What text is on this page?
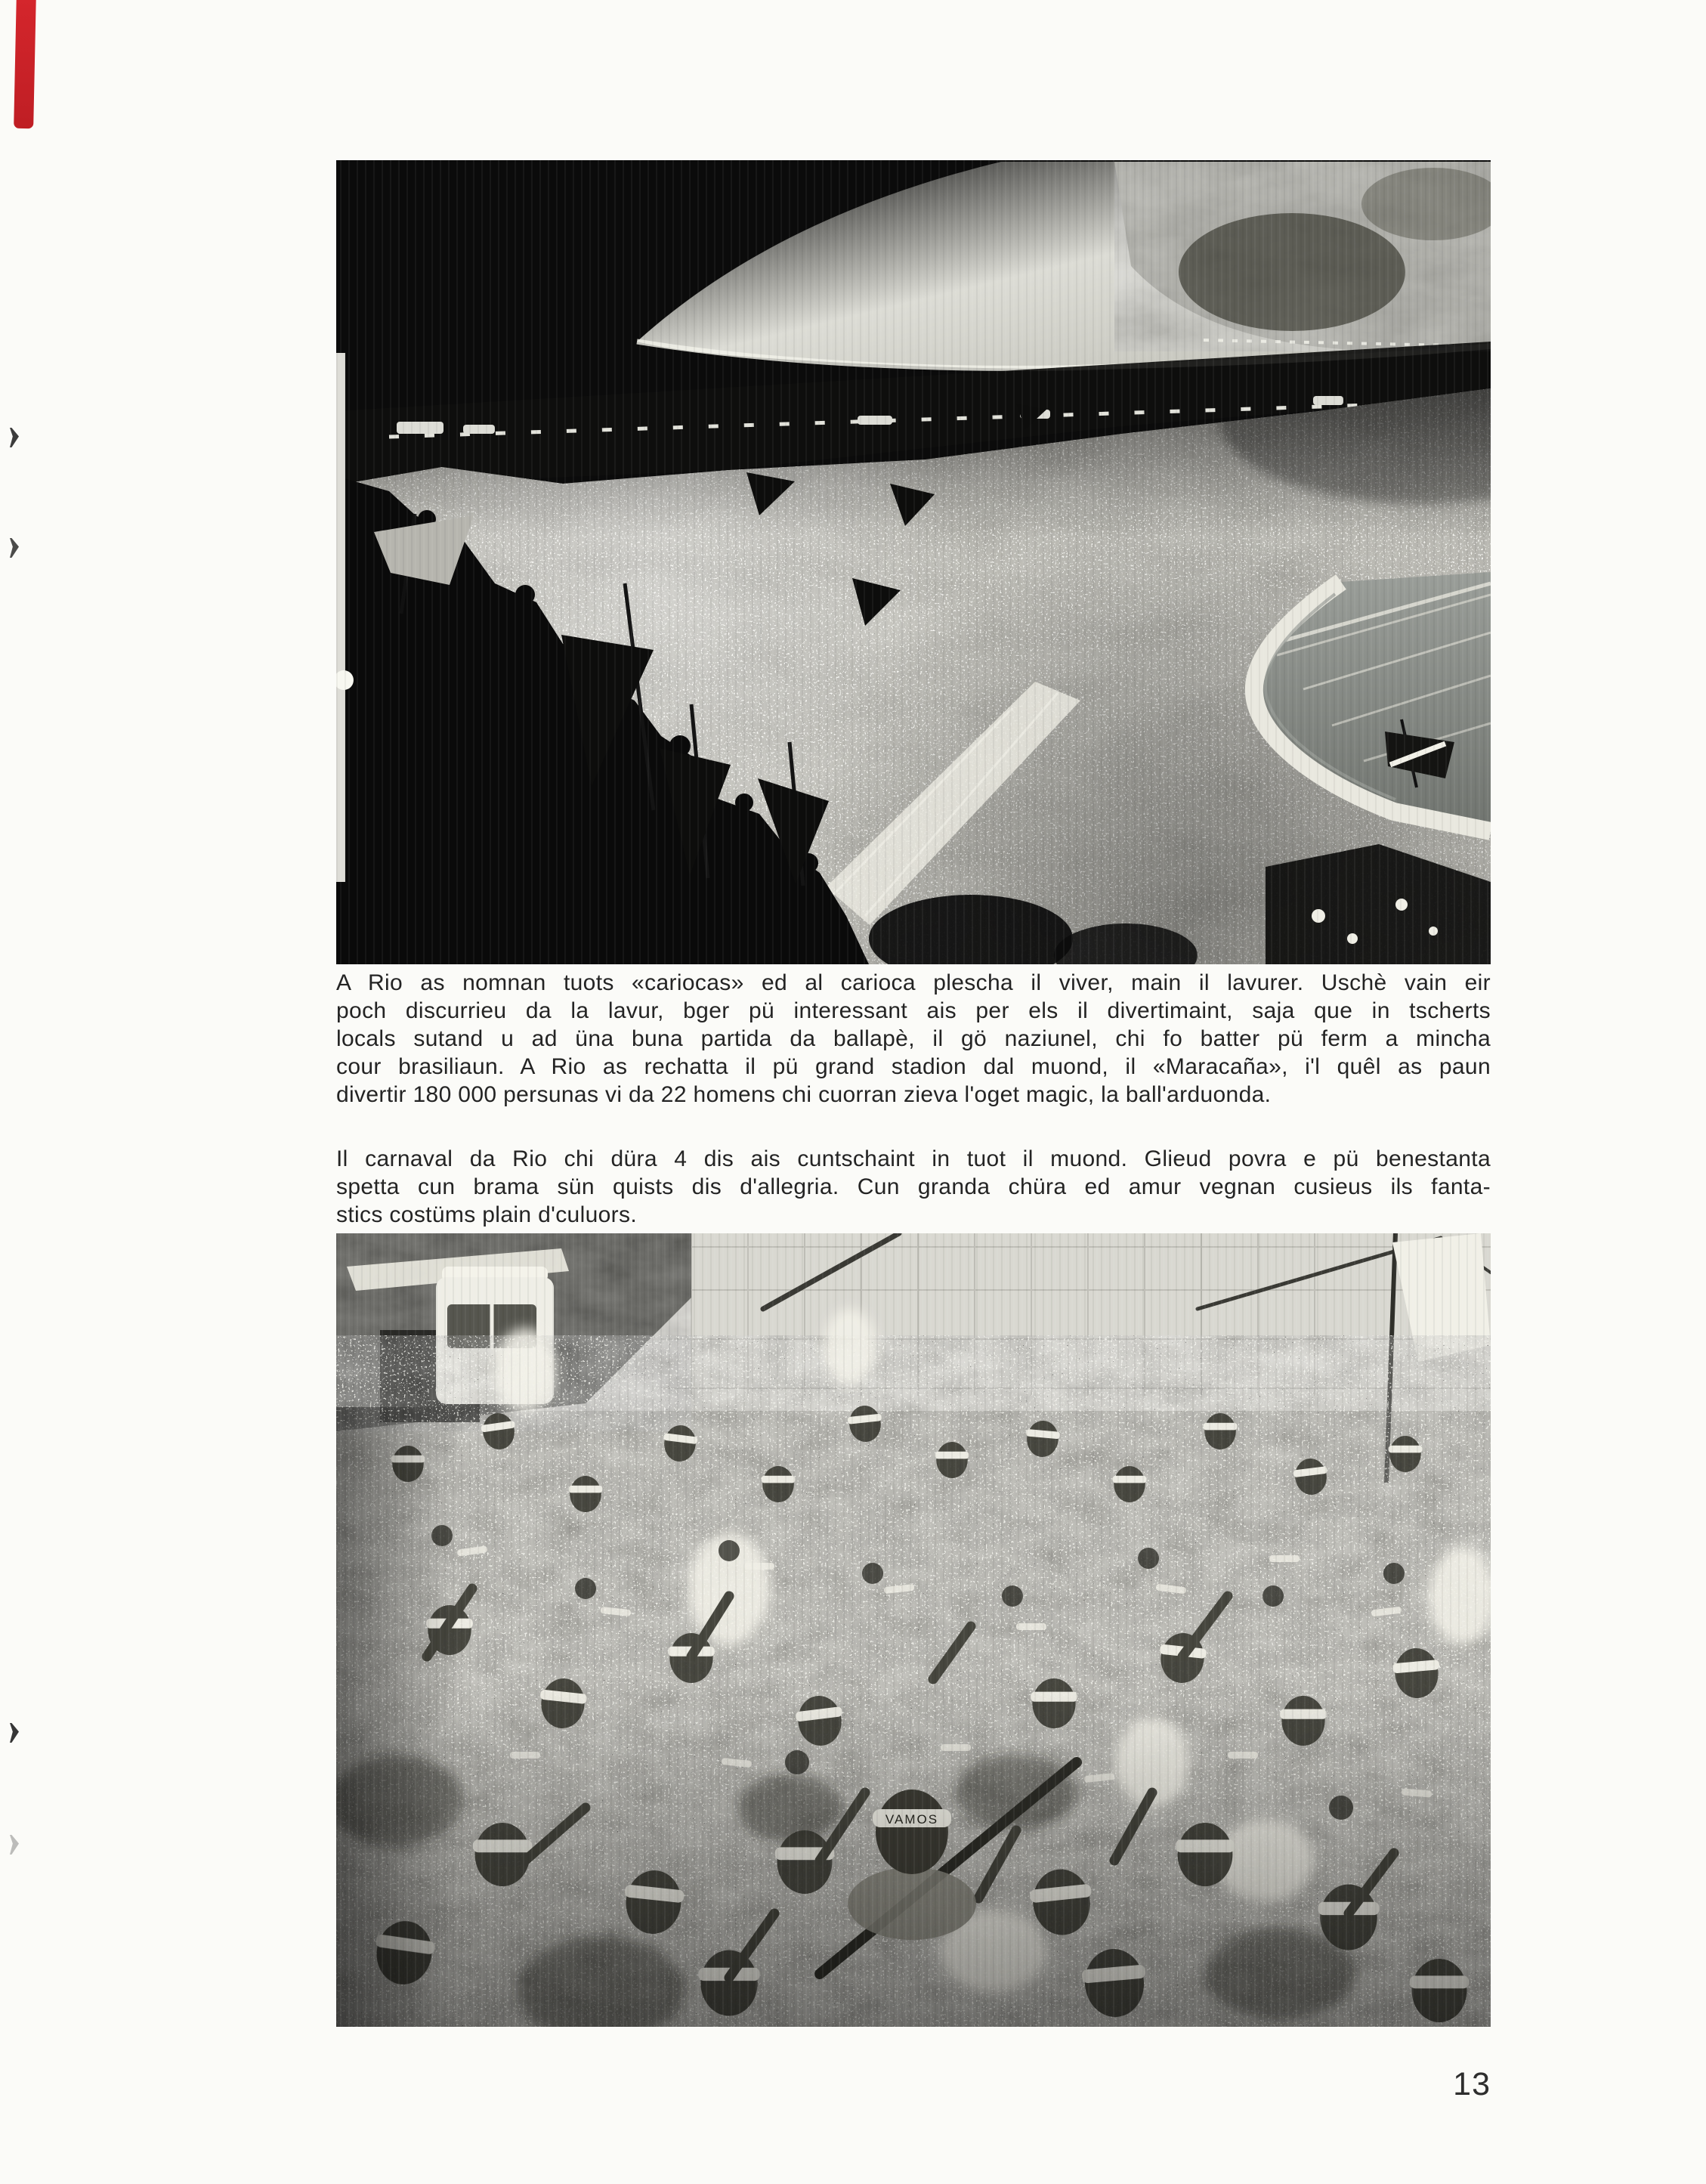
A Rio as nomnan tuots «cariocas» ed al carioca plescha il viver, main il lavurer. Uschè vain eir
poch discurrieu da la lavur, bger pü interessant ais per els il divertimaint, saja que in tscherts
locals sutand u ad üna buna partida da ballapè, il gö naziunel, chi fo batter pü ferm a mincha
cour brasiliaun. A Rio as rechatta il pü grand stadion dal muond, il «Maracaña», i'l quêl as paun
divertir 180 000 persunas vi da 22 homens chi cuorran zieva l'oget magic, la ball'arduonda.
Il carnaval da Rio chi düra 4 dis ais cuntschaint in tuot il muond. Glieud povra e pü benestanta
spetta cun brama sün quists dis d'allegria. Cun granda chüra ed amur vegnan cusieus ils fanta-
stics costüms plain d'culuors.
13
